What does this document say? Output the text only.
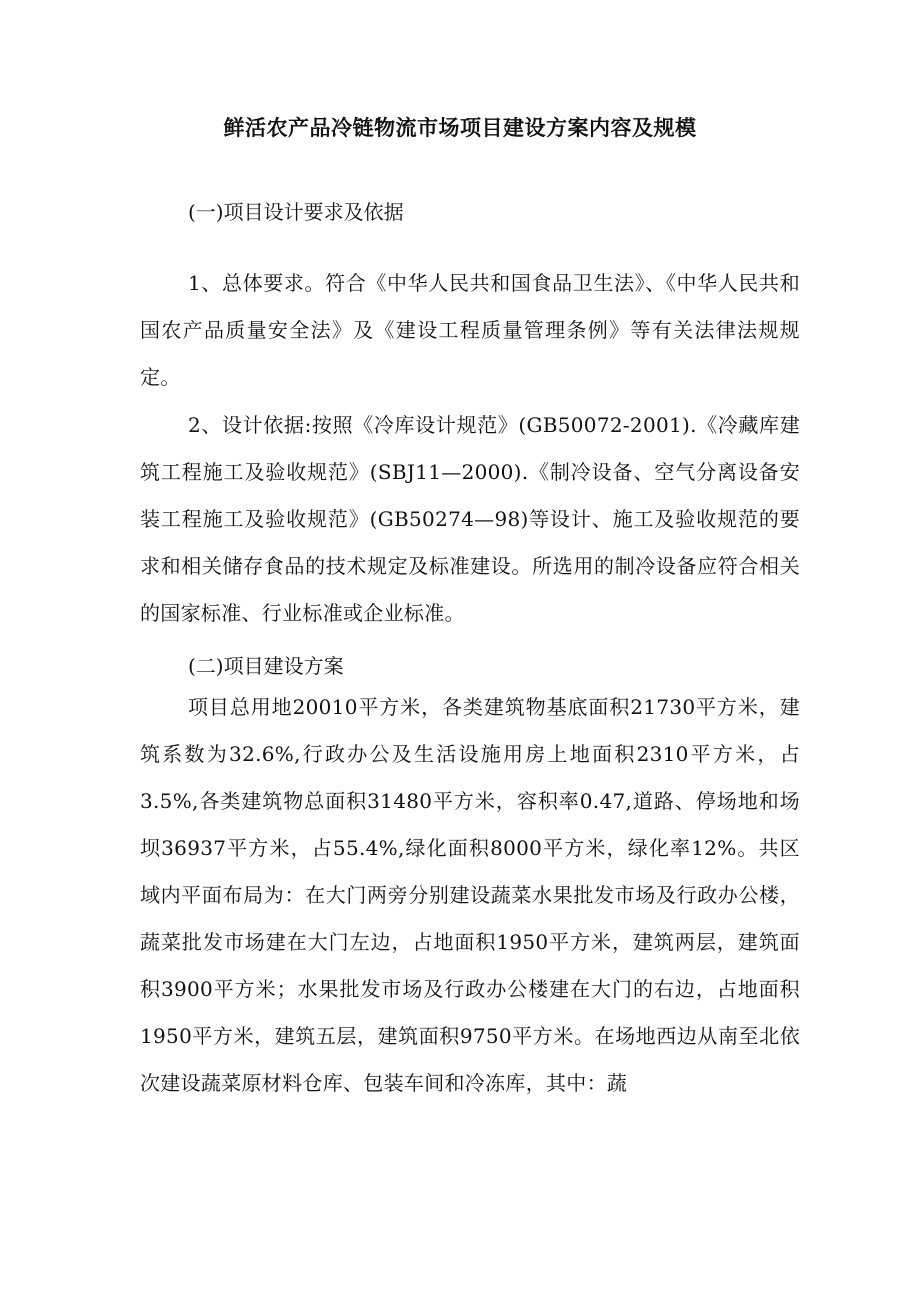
鲜活农产品冷链物流市场项目建设方案内容及规模

(一)项目设计要求及依据

1、总体要求。符合《中华人民共和国食品卫生法》、《中华人民共和国农产品质量安全法》及《建设工程质量管理条例》等有关法律法规规定。

2、设计依据:按照《冷库设计规范》(GB50072-2001).《冷藏库建筑工程施工及验收规范》(SBJ11—2000).《制冷设备、空气分离设备安装工程施工及验收规范》(GB50274—98)等设计、施工及验收规范的要求和相关储存食品的技术规定及标准建设。所选用的制冷设备应符合相关的国家标准、行业标准或企业标准。

(二)项目建设方案

项目总用地20010平方米，各类建筑物基底面积21730平方米，建筑系数为32.6%,行政办公及生活设施用房上地面积2310平方米，占3.5%,各类建筑物总面积31480平方米，容积率0.47,道路、停场地和场坝36937平方米，占55.4%,绿化面积8000平方米，绿化率12%。共区域内平面布局为：在大门两旁分别建设蔬菜水果批发市场及行政办公楼，蔬菜批发市场建在大门左边，占地面积1950平方米，建筑两层，建筑面积3900平方米；水果批发市场及行政办公楼建在大门的右边，占地面积1950平方米，建筑五层，建筑面积9750平方米。在场地西边从南至北依次建设蔬菜原材料仓库、包装车间和冷冻库，其中：蔬
